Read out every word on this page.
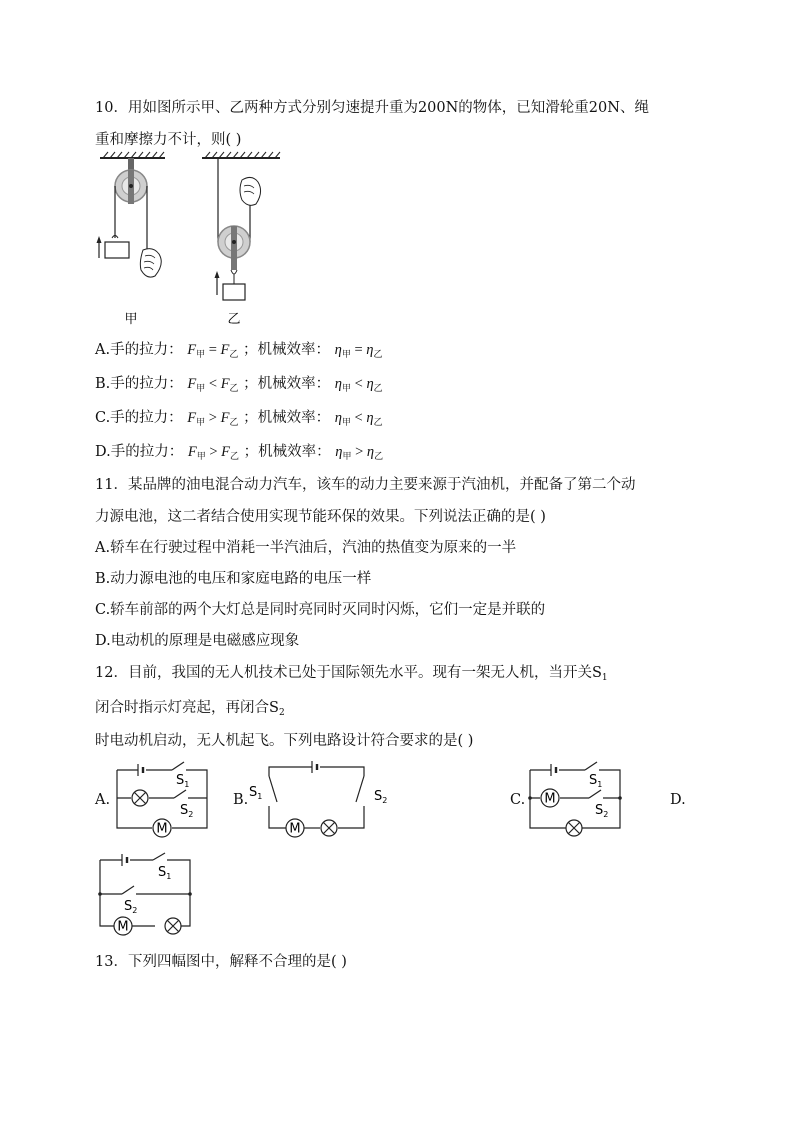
10．用如图所示甲、乙两种方式分别匀速提升重为200N的物体，已知滑轮重20N、绳
重和摩擦力不计，则( )
甲	乙
A.手的拉力： $F_甲 = F_乙$ ；机械效率： $\eta_甲 = \eta_乙$
B.手的拉力： $F_甲 < F_乙$ ；机械效率： $\eta_甲 < \eta_乙$
C.手的拉力： $F_甲 > F_乙$ ；机械效率： $\eta_甲 < \eta_乙$
D.手的拉力： $F_甲 > F_乙$ ；机械效率： $\eta_甲 > \eta_乙$
11．某品牌的油电混合动力汽车，该车的动力主要来源于汽油机，并配备了第二个动
力源电池，这二者结合使用实现节能环保的效果。下列说法正确的是( )
A.轿车在行驶过程中消耗一半汽油后，汽油的热值变为原来的一半
B.动力源电池的电压和家庭电路的电压一样
C.轿车前部的两个大灯总是同时亮同时灭同时闪烁，它们一定是并联的
D.电动机的原理是电磁感应现象
12．目前，我国的无人机技术已处于国际领先水平。现有一架无人机，当开关$S_1$
闭合时指示灯亮起，再闭合$S_2$
时电动机启动，无人机起飞。下列电路设计符合要求的是( )
A.
M
$S_1$
$S_2$
B.
M
$S_1$	$S_2$	C. M
$S_1$
$S_2$
D.
M
$S_1$
$S_2$
13．下列四幅图中，解释不合理的是( )
